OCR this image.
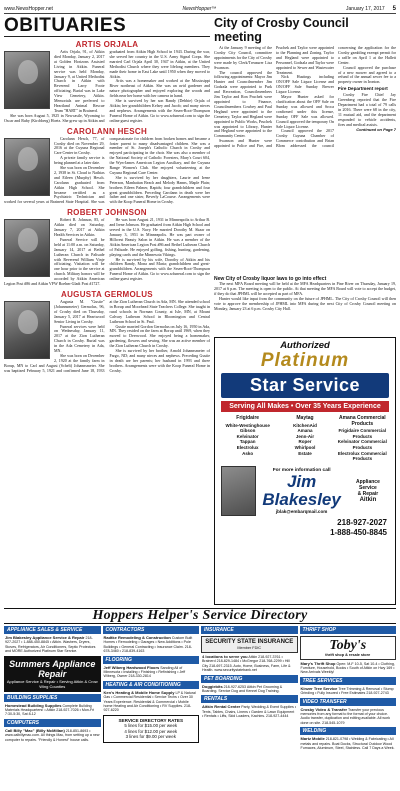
www.NewsHopper.net	NewsHopper™	January 17, 2017 5
OBITUARIES
ARTIS ORJALA

Artis Orjala, 91, of Aitkin died Monday, January 2, 2017 at Golden Horizons Assisted Living in Aitkin. Funeral service was held Monday, January 9, at United Methodist Church in Aitkin with Reverend Larry Foote officiating. Burial was in Lake View Cemetery, Aitkin. Memorials are preferred to Heartland Animal Rescue Team "HART" in Brainerd.

She was born August 5, 1925 in Newcastle, Wyoming to Oscar and Ruby (Kirchberg) Hoetz. She grew up in Aitkin and graduated from Aitkin High School in 1943. During the war, she served her country in the U.S. Army Signal Corps. She married Carl Orjala April 30, 1947 in Aitkin, at the United Methodist Church where they were lifelong members. They made their home in East Lake until 1950 when they moved to Aitkin.

Artis was a homemaker and worked at the Mississippi River northeast of Aitkin. She was an avid gardener and nature photographer and enjoyed exploring the woods and fields near her home with her camera in hand.

She is survived by her son Randy (Debbie) Orjala of Aitkin; her grandchildren Kelsey and Jacob; and many nieces and nephews. Arrangements with the Srsen-Root-Thompson Funeral Home of Aitkin. Go to www.srfuneral.com to sign the online guest register.

CAROLANN HESCH

Carolann Hesch, 77, of Crosby died on November 29, 2016 at the Cuyuna Regional Care Center in Crosby.

A private family service is being planned at a later date.

She was born on December 2, 1938 in St. Cloud to Nathias and Eileen (Murphy) Hesch. Carolann graduated from Aitkin High School. She became certified as a Psychiatric Technician and worked for several years at Brainerd State Hospital. She was compassionate for children from broken homes and became a foster parent to many disadvantaged children. She was a member of St. Joseph's Catholic Church in Crosby and enjoyed participating in the choir. She was also a member of the National Society of Catholic Foresters, Mary's Court 604, the Wyn-James American Legion Auxiliary, and the Cuyuna Range Women's Club. She enjoyed volunteering at the Cuyuna Regional Care Center.

She is survived by her daughters, Laurie and Irene Peterson, Manhattan Beach and Melody Hanns, Maple Plain; brothers Eileen Palmer, Rapids; four grandchildren and four great grandchildren. Preceding Carolann in death were her father and one sister, Beverly LaCourse. Arrangements were with the Koop Funeral Home in Crosby.

ROBERT JOHNSON

Robert B. Johnson, 85, of Aitkin died on Saturday, January 7, 2017 at Aitkin Health Services in Aitkin.

Funeral Service will be held at 11:00 a.m. on Saturday, January 14, 2017 at Bethel Lutheran Church in Palisade with Reverend William Vinje officiating. Visitation will be one hour prior to the service at church. Military honors will be accorded by Aitkin American Legion Post #86 and Aitkin VFW Roehm-Gladt Post #1727.

He was born August 21, 1931 in Minneapolis to Arthur B. and Irene Johnson. He graduated from Aitkin High School and served in the U.S. Navy. He married Dorothy M. Skaar on January 3, 1951 in Minneapolis. He was part owner of Hillcrest Beauty Salon in Aitkin. He was a member of the Aitkin American Legion Post #86 and Bethel Lutheran Church of Palisade. He enjoyed golfing, fishing, hunting, gardening, playing cards and the Minnesota Vikings.

He is survived by his wife, Dorothy of Aitkin and his children Randy, Mona and Maria; grandchildren and great-grandchildren. Arrangements with the Srsen-Root-Thompson Funeral Home of Aitkin. Go to www.srfuneral.com to sign the online guest register.

AUGUSTA GERMOLUS

Augusta M. "Gustie" (Johannsmeier) Germolus, 96, of Crosby died on Thursday, January 5, 2017 at Heartwood Senior Living in Crosby.

Funeral services were held on Wednesday, January 11, 2017 at the Zion Lutheran Church in Crosby. Burial was in the Ada Cemetery in Ada, MN.

She was born on December 2, 1920 at the family farm in Borup, MN to Carl and August (Schelt) Johannsmeier. She was baptized February 5, 1921 and confirmed June 18, 1933 at the Zion Lutheran Church in Ada, MN. She attended school in Borup and Moorhead State Teachers College. She taught in rural schools in Norman County, at Isle, MN, at Mount Calvary Lutheran School in Bloomington and Central Lutheran School in St. Paul.

Gustie married Gordon Germolus on July 16, 1950 in Ada, MN. They resided on the farm at Borup until 1969, when they moved to Deerwood. She enjoyed being a homemaker, gardening, flowers and sewing. She was an active member of the Zion Lutheran Church in Crosby.

She is survived by her brother, Arnold Johannsmeier of Fargo, ND; and many nieces and nephews. Preceding Gustie in death are her parents; her husband in 1993 and three brothers. Arrangements were with the Koop Funeral Home in Crosby.

City of Crosby Council meeting

At the January 9 meeting of the Crosby City Council, committee appointments for the City of Crosby were made by Clerk/Treasurer Lisa Swanson.

The council approved the following appointments: Mayor Jim Hunter and Councilmember Jim Godzala were appointed to Park and Recreation, Councilmembers Jim Taylor and Ron Pruchek were appointed to Finance, Councilmembers Cowbey and Paul Hegland were appointed to the Cemetery, Taylor and Hegland were appointed to Public Works, Pruchek was appointed to Library, Hunter and Hegland were appointed to the Community Center.

Swanson and Hunter were appointed to Police and Fire, and Pruchek and Taylor were appointed to the Planning and Zoning. Taylor and Hegland were appointed to Personnel, Godzala and Taylor were appointed to Sewer and Wastewater Treatment.

Nick Hustings including ON/OFF Sale Liquor License and ON/OFF Sale Sunday Brewer Liquor License.

Mayor Hunter asked for clarification about the OFF Sale on Sunday was allowed and Sroca confirmed under this license, Sunday OFF Sale was allowed. Council approved the temporary On Sale Liquor License.

Council approved the 2017 Crosby Cuyuna Chamber of Commerce contribution and Brian Blom addressed the council concerning the application for the Crosby gambling exempt permit for a raffle on April 1 at the Hallett Center.

Council approved the purchase of a new mower and agreed to a refund of the annual sewer fee to a property owner in Ironton.

Fire Department report

Crosby Fire Chief Jay Greenberg reported that the Fire Department had a total of 79 calls in 2016. There were 68 in the city, 11 mutual aid, and the department responded to vehicle accidents, fires and medical assists.

Continued on Page 7
New City of Crosby liquor laws to go into effect

The next MFA Board meeting will be held at the MFA Headquarters in Pine River on Thursday, January 19, 2017 at 6 p.m. The meeting is open to the public. At that meeting the MFA Board will vote to accept the budget, if they do that JPHML will be accepted as part of MFA.

Hunter would like input from the community on the future of JPHML. The City of Crosby Council will then vote to approve the membership of JPHML into MFA during the next City of Crosby Council meeting on Monday, January 23 at 6 p.m. Crosby City Hall.

Authorized
Platinum
Star Service
Serving All Makes • Over 35 Years Experience
Frigidaire
White-Westinghouse
Gibson
Kelvinator
Tappan
Electrolux
Asko
Maytag
KitchenAid
Amana
Jenn-Air
Roper
Whirlpool
Estate
Amana Commercial Products
Frigidaire Commercial Products
Kelvinator Commercial Products
Electrolux Commercial Products
For more information call
Jim Blakesley
jblak@embarqmail.com
Appliance Service
& Repair
Aitkin
218-927-2027
1-888-450-8845
Hoppers Helper's Service Directory
APPLIANCE SALES & SERVICE
Jim Blakesley Appliance Service & Repair 218-927-2027 • 1-888-450-8845 • Aitkin. Washers, Dryers, Stoves, Refrigerators, Air Conditioners, Septic Protectors and MORE Authorized Platinum Star Service.
Summers Appliance Repair
Appliance Service & Repair • Serving Aitkin & Crow Wing Counties
BUILDING SUPPLIES
Homestead Building Supplies Complete Building Materials Headquarters! • Aitkin 218-927-7026 • Mon-Fri 7:30-5:30, Sat 8-12
COMPUTERS
Call Billy "Mac" (Billy McMillan) 218-851-8693 • www.calbillymac.com. All things Mac, from setting up a new computer to repairs. "Friendly & Honest" house calls.
CONTRACTORS
Radtke Remodeling & Construction Custom Built Homes • Remodeling • Garages • New Additions • Pole Buildings • General Contracting • Insurance Claim. 218-678-3460 • 218-839-4163
FLOORING
Jeff Wiberg Hardwood Floors Sanding All of Minnesota • Installing • Finishing • Refinishing • Jeff Wiberg, Owner 218-330-2814
HEATING & AIR CONDITIONING
Ken's Heating & Mobile Home Supply LP & Natural Gas • Commercial Residential • Service Techs • Over 30 Years Experience. Residential & Commercial • Mobile home Heating and Air Conditioning • RV Supplies. 218-927-6220
SERVICE DIRECTORY RATES
5 lines for $15.00 per week
4 lines for $12.00 per week
3 lines for $9.00 per week
INSURANCE
SECURITY STATE INSURANCE
Member FDIC
4 locations to serve you Aitkin 218-927-3761 • Brainerd 218-829-1484 • McGregor 218-768-2299 • Hill City 218-697-2315. Auto, Home, Business, Farm, Life & Health. www.securitystatebank.net
PET BOARDING
Doggiebits 218-927-6253 Aitkin Pet Grooming & Boarding. Service Dog and Kennel Dog Training.
RENTALS
Aitkin Rental Center Party, Wedding & Event Supplies • Tents, Tables, Chairs, Linens • Garden & Lawn Equipment • Rentals • Lifts, Skid Loaders, Kachins. 218-927-4444
THRIFT SHOP
Toby's
thrift shop & resale store
Mary's Thrift Shop Open: M-F 10-5, Sat 10-4 • Clothing, Furniture, Household, Books • South of Aitkin on Hwy 169 • New Arrivals Weekly!
TREE SERVICES
Kinzer Tree Service Tree Trimming & Removal • Stump Grinding • Fully Insured • Free Estimates 218-927-2743
VIDEO TRANSFER
Crosby Video & Transfer Transfer your precious memories from any format to the format of your choice. Audio transfer, duplication and editing available. All work done on site. 218-545-1079
WELDING
Martz Mobile 218-821-0798 • Welding & Fabricating • All metals and repairs. Boat Docks, Structural Outdoor Wood Furnaces, Aluminum, Steel, Stainless. Call 7 Days a Week.
